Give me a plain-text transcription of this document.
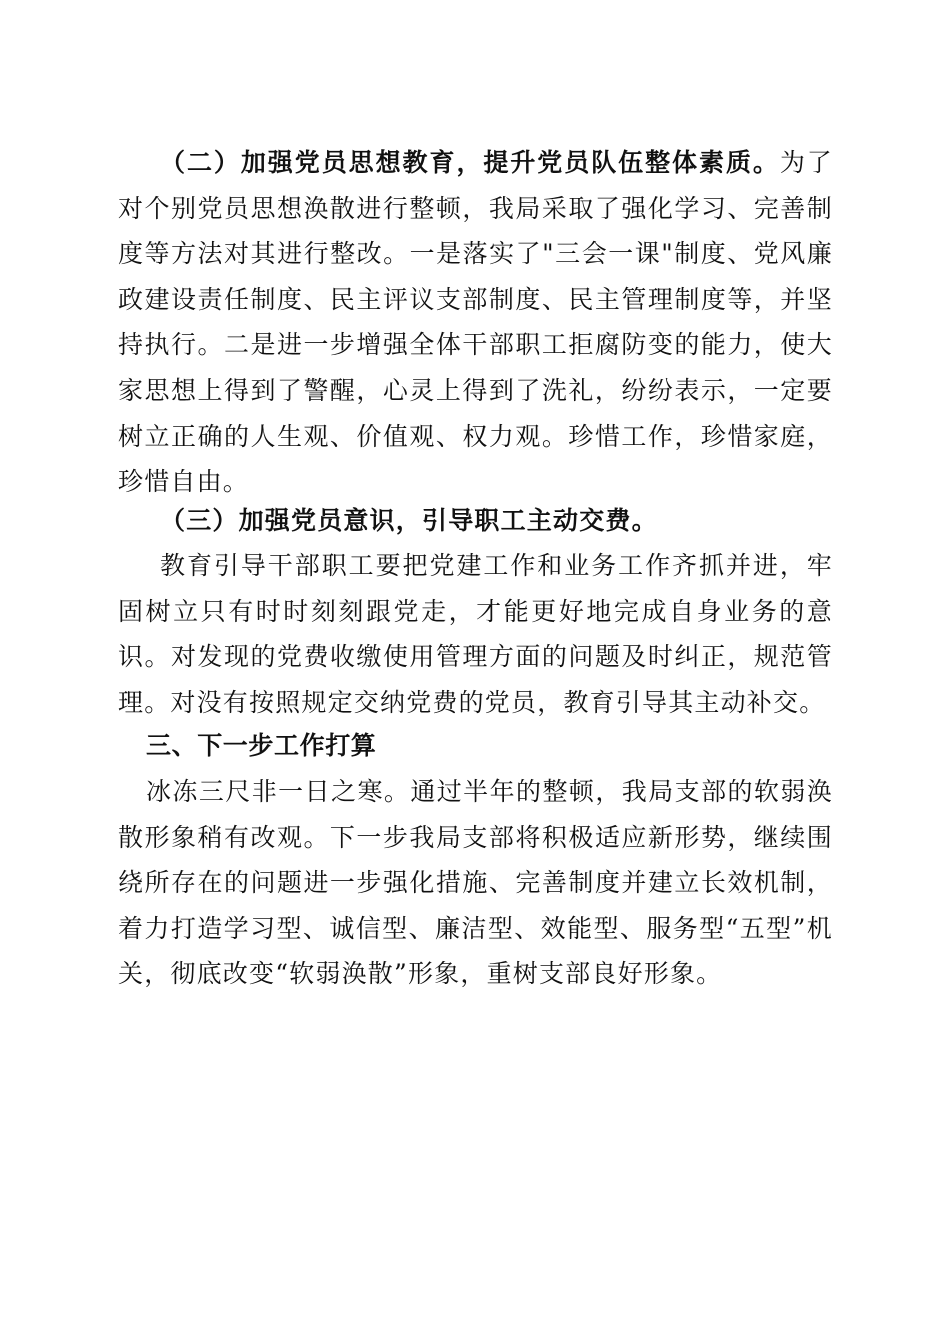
（二）加强党员思想教育，提升党员队伍整体素质。为了对个别党员思想涣散进行整顿，我局采取了强化学习、完善制度等方法对其进行整改。一是落实了"三会一课"制度、党风廉政建设责任制度、民主评议支部制度、民主管理制度等，并坚持执行。二是进一步增强全体干部职工拒腐防变的能力，使大家思想上得到了警醒，心灵上得到了洗礼，纷纷表示，一定要树立正确的人生观、价值观、权力观。珍惜工作，珍惜家庭，珍惜自由。

（三）加强党员意识，引导职工主动交费。

教育引导干部职工要把党建工作和业务工作齐抓并进，牢固树立只有时时刻刻跟党走，才能更好地完成自身业务的意识。对发现的党费收缴使用管理方面的问题及时纠正，规范管理。对没有按照规定交纳党费的党员，教育引导其主动补交。

三、下一步工作打算

冰冻三尺非一日之寒。通过半年的整顿，我局支部的软弱涣散形象稍有改观。下一步我局支部将积极适应新形势，继续围绕所存在的问题进一步强化措施、完善制度并建立长效机制，着力打造学习型、诚信型、廉洁型、效能型、服务型“五型”机关，彻底改变“软弱涣散”形象，重树支部良好形象。
